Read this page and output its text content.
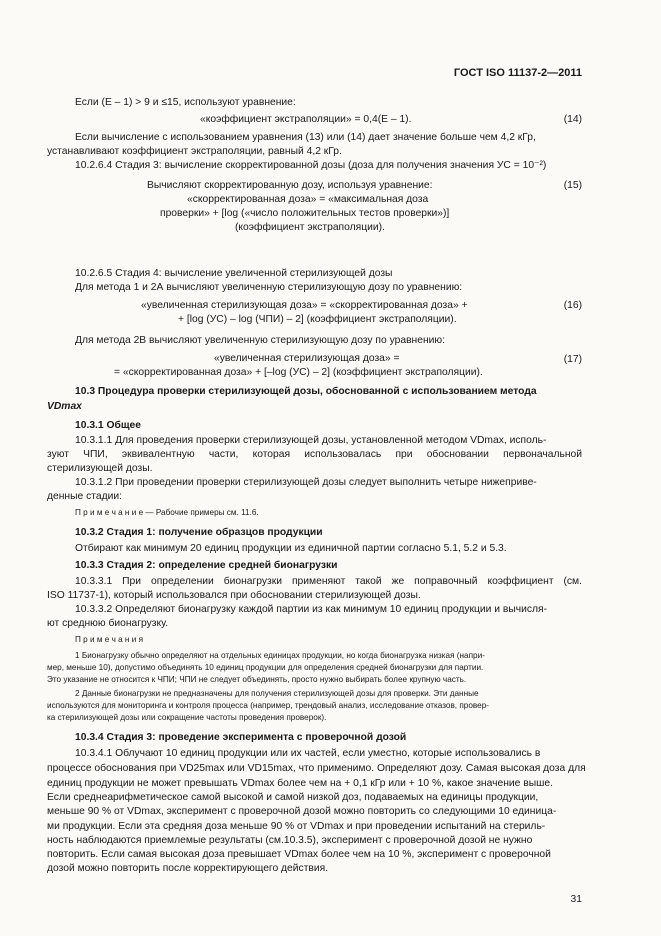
ГОСТ ISO 11137-2—2011
Если (E – 1) > 9 и ≤15, используют уравнение:
«коэффициент экстраполяции» = 0,4(E – 1).	(14)
Если вычисление с использованием уравнения (13) или (14) дает значение больше чем 4,2 кГр,
устанавливают коэффициент экстраполяции, равный 4,2 кГр.
10.2.6.4 Стадия 3: вычисление скорректированной дозы (доза для получения значения УС = 10⁻²)
Вычисляют скорректированную дозу, используя уравнение:	(15)
«скорректированная доза» = «максимальная доза
проверки» + [log («число положительных тестов проверки»)]
(коэффициент экстраполяции).
10.2.6.5 Стадия 4: вычисление увеличенной стерилизующей дозы
Для метода 1 и 2А вычисляют увеличенную стерилизующую дозу по уравнению:
«увеличенная стерилизующая доза» = «скорректированная доза» +	(16)
+ [log (УС) – log (ЧПИ) – 2] (коэффициент экстраполяции).
Для метода 2В вычисляют увеличенную стерилизующую дозу по уравнению:
«увеличенная стерилизующая доза» =	(17)
= «скорректированная доза» + [–log (УС) – 2] (коэффициент экстраполяции).
10.3 Процедура проверки стерилизующей дозы, обоснованной с использованием метода
VDmax
10.3.1 Общее
10.3.1.1 Для проведения проверки стерилизующей дозы, установленной методом VDmax, исполь-
зуют ЧПИ, эквивалентную части, которая использовалась при обосновании первоначальной
стерилизующей дозы.
10.3.1.2 При проведении проверки стерилизующей дозы следует выполнить четыре нижеприве-
денные стадии:
П р и м е ч а н и е — Рабочие примеры см. 11.6.
10.3.2 Стадия 1: получение образцов продукции
Отбирают как минимум 20 единиц продукции из единичной партии согласно 5.1, 5.2 и 5.3.
10.3.3 Стадия 2: определение средней бионагрузки
10.3.3.1 При определении бионагрузки применяют такой же поправочный коэффициент (см.
ISO 11737-1), который использовался при обосновании стерилизующей дозы.
10.3.3.2 Определяют бионагрузку каждой партии из как минимум 10 единиц продукции и вычисля-
ют среднюю бионагрузку.
П р и м е ч а н и я
1 Бионагрузку обычно определяют на отдельных единицах продукции, но когда бионагрузка низкая (напри-
мер, меньше 10), допустимо объединять 10 единиц продукции для определения средней бионагрузки для партии.
Это указание не относится к ЧПИ; ЧПИ не следует объединять, просто нужно выбирать более крупную часть.
2 Данные бионагрузки не предназначены для получения стерилизующей дозы для проверки. Эти данные
используются для мониторинга и контроля процесса (например, трендовый анализ, исследование отказов, провер-
ка стерилизующей дозы или сокращение частоты проведения проверок).
10.3.4 Стадия 3: проведение эксперимента с проверочной дозой
10.3.4.1 Облучают 10 единиц продукции или их частей, если уместно, которые использовались в
процессе обоснования при VD25max или VD15max, что применимо. Определяют дозу. Самая высокая доза для
единиц продукции не может превышать VDmax более чем на + 0,1 кГр или + 10 %, какое значение выше.
Если среднеарифметическое самой высокой и самой низкой доз, подаваемых на единицы продукции,
меньше 90 % от VDmax, эксперимент с проверочной дозой можно повторить со следующими 10 единица-
ми продукции. Если эта средняя доза меньше 90 % от VDmax и при проведении испытаний на стериль-
ность наблюдаются приемлемые результаты (см.10.3.5), эксперимент с проверочной дозой не нужно
повторить. Если самая высокая доза превышает VDmax более чем на 10 %, эксперимент с проверочной
дозой можно повторить после корректирующего действия.
31
